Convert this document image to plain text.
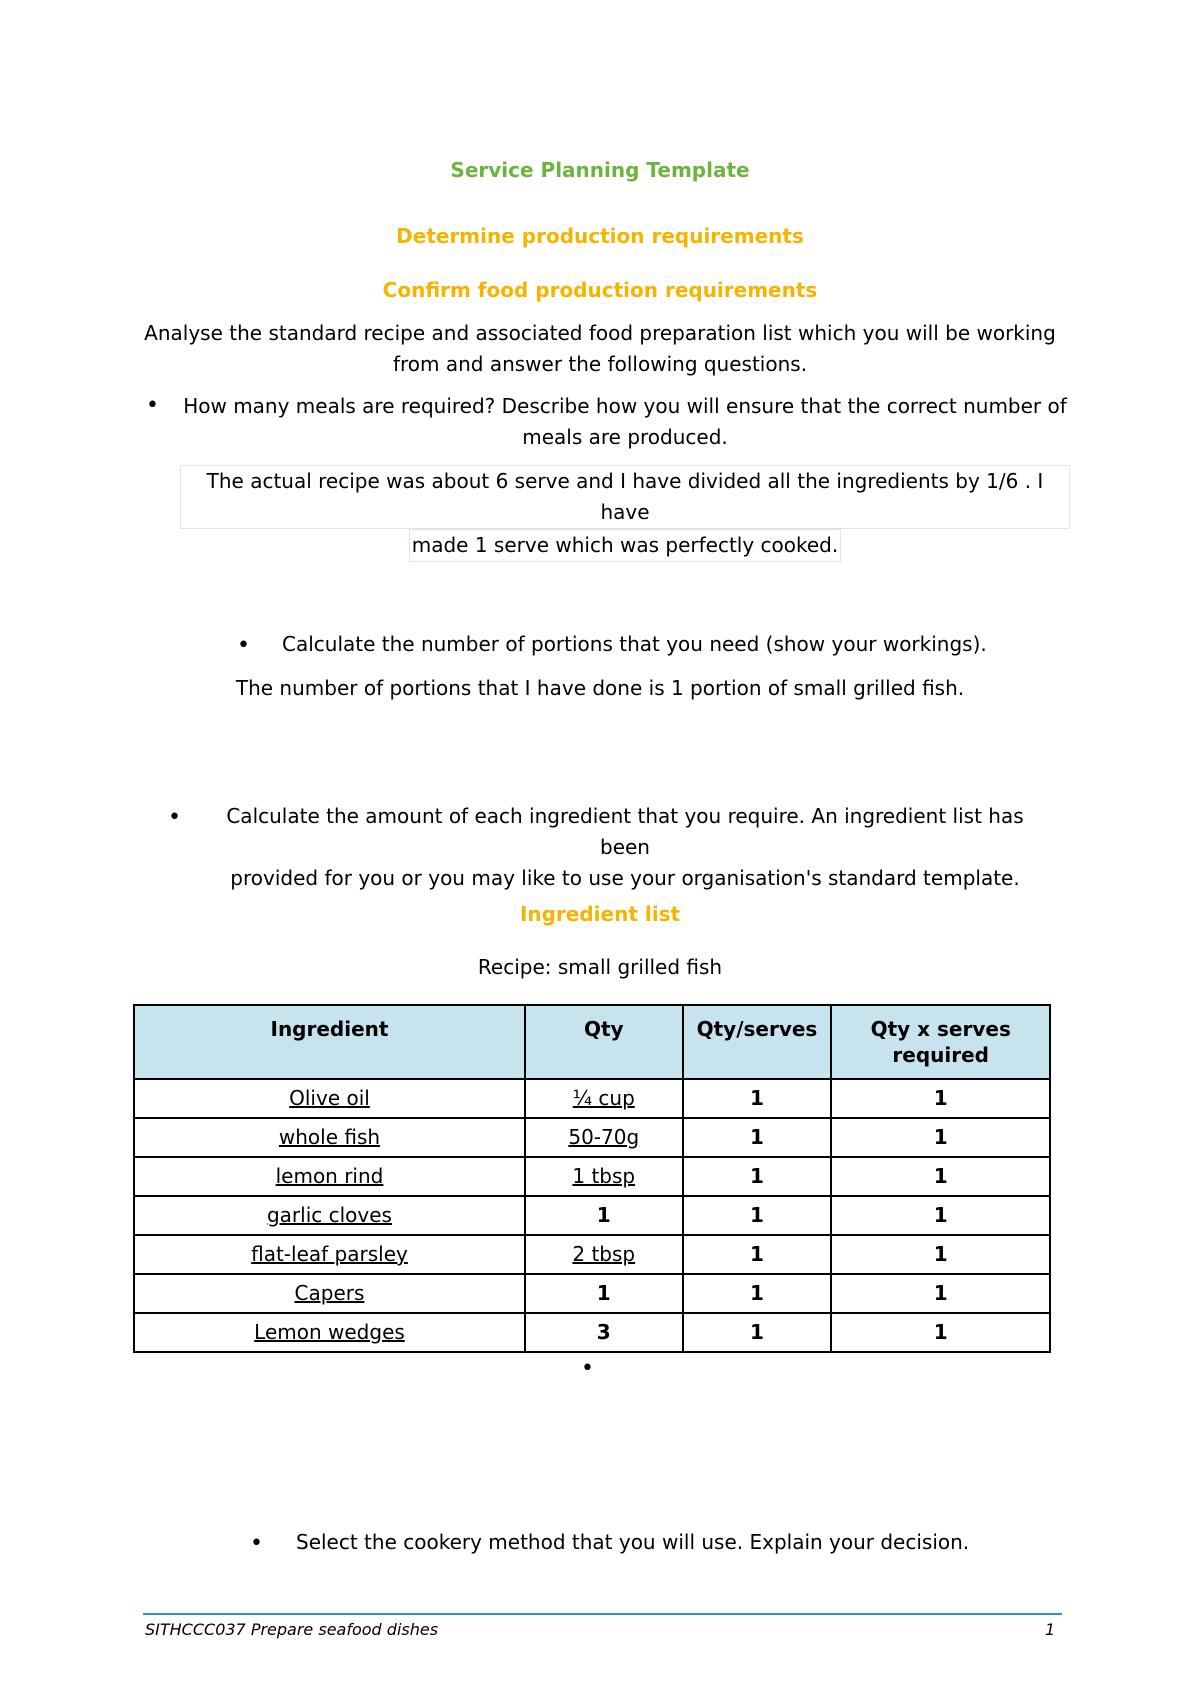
Service Planning Template
Determine production requirements
Confirm food production requirements
Analyse the standard recipe and associated food preparation list which you will be working
from and answer the following questions.
• How many meals are required? Describe how you will ensure that the correct number of
meals are produced.
The actual recipe was about 6 serve and I have divided all the ingredients by 1/6 . I have
made 1 serve which was perfectly cooked.
• Calculate the number of portions that you need (show your workings).
The number of portions that I have done is 1 portion of small grilled fish.
•	Calculate the amount of each ingredient that you require. An ingredient list has been
provided for you or you may like to use your organisation's standard template.
Ingredient list
Recipe: small grilled fish
Ingredient	Qty	Qty/serves	Qty x serves required
Olive oil	¼ cup	1	1
whole fish	50-70g	1	1
lemon rind	1 tbsp	1	1
garlic cloves	1	1	1
flat-leaf parsley	2 tbsp	1	1
Capers	1	1	1
Lemon wedges	3	1	1
•
• Select the cookery method that you will use. Explain your decision.
SITHCCC037 Prepare seafood dishes	1
